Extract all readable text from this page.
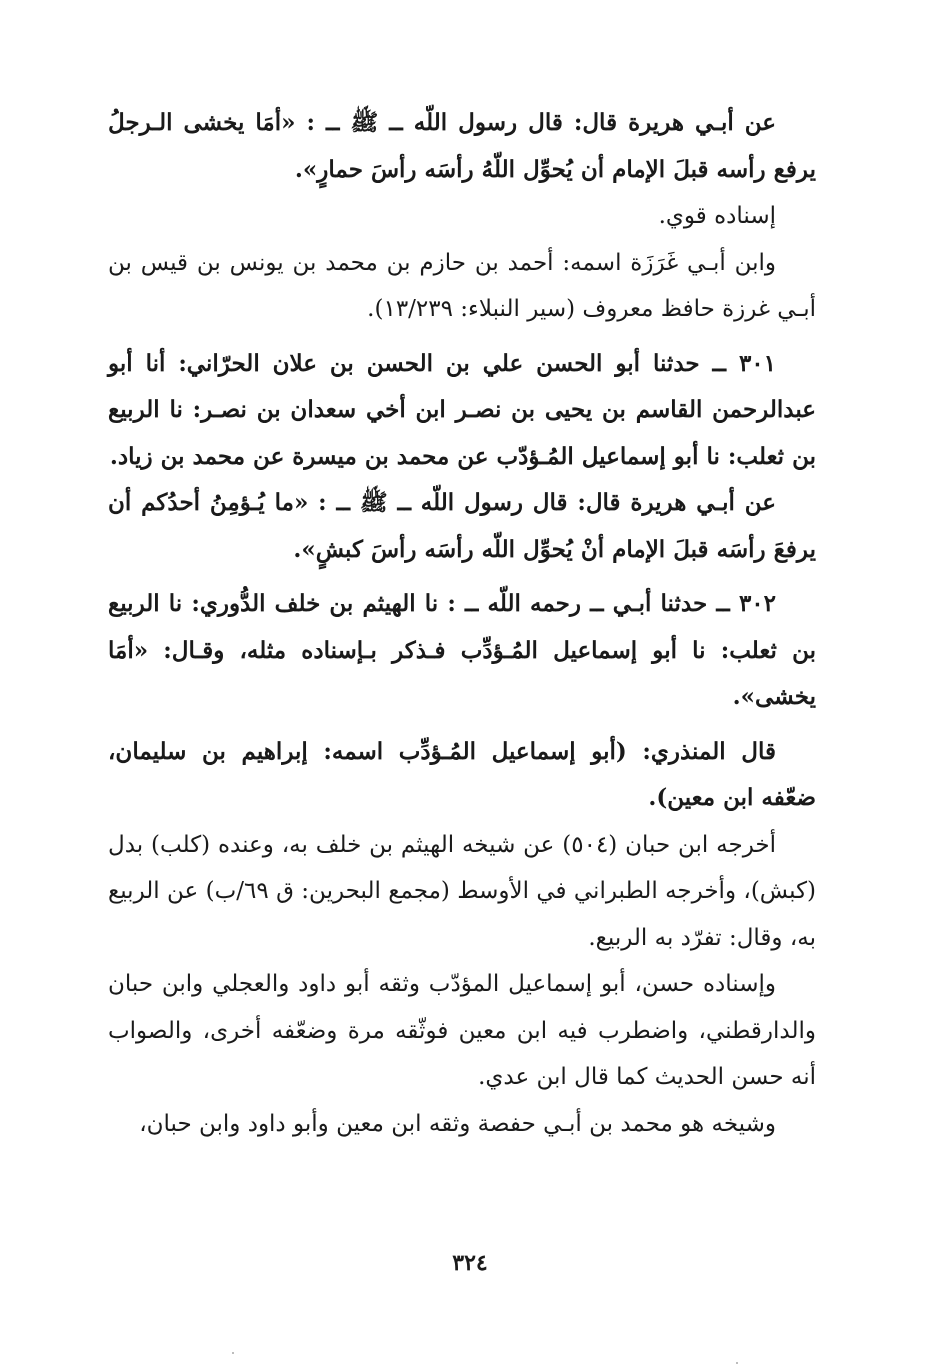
عن أبـي هريرة قال: قال رسول اللّه ــ ﷺ ــ : «أمَا يخشى الـرجلُ يرفع رأسه قبلَ الإمام أن يُحوِّل اللّهُ رأسَه رأسَ حمارٍ».

إسناده قوي.

وابن أبـي غَرَزَة اسمه: أحمد بن حازم بن محمد بن يونس بن قيس بن أبـي غرزة حافظ معروف (سير النبلاء: ١٣/٢٣٩).

٣٠١ ــ حدثنا أبو الحسن علي بن الحسن بن علان الحرّاني: أنا أبو عبدالرحمن القاسم بن يحيى بن نصـر ابن أخي سعدان بن نصـر: نا الربيع بن ثعلب: نا أبو إسماعيل المُـؤدّب عن محمد بن ميسرة عن محمد بن زياد.

عن أبـي هريرة قال: قال رسول اللّه ــ ﷺ ــ : «ما يُـؤمِنُ أحدُكم أن يرفعَ رأسَه قبلَ الإمام أنْ يُحوِّل اللّه رأسَه رأسَ كبشٍ».

٣٠٢ ــ حدثنا أبـي ــ رحمه اللّه ــ : نا الهيثم بن خلف الدُّوري: نا الربيع بن ثعلب: نا أبو إسماعيل المُـؤدِّب فـذكر بـإسناده مثله، وقـال: «أمَا يخشى».

قال المنذري: (أبو إسماعيل المُـؤدِّب اسمه: إبراهيم بن سليمان، ضعّفه ابن معين).

أخرجه ابن حبان (٥٠٤) عن شيخه الهيثم بن خلف به، وعنده (كلب) بدل (كبش)، وأخرجه الطبراني في الأوسط (مجمع البحرين: ق ٦٩/ب) عن الربيع به، وقال: تفرّد به الربيع.

وإسناده حسن، أبو إسماعيل المؤدّب وثقه أبو داود والعجلي وابن حبان والدارقطني، واضطرب فيه ابن معين فوثّقه مرة وضعّفه أخرى، والصواب أنه حسن الحديث كما قال ابن عدي.

وشيخه هو محمد بن أبـي حفصة وثقه ابن معين وأبو داود وابن حبان،

٣٢٤
